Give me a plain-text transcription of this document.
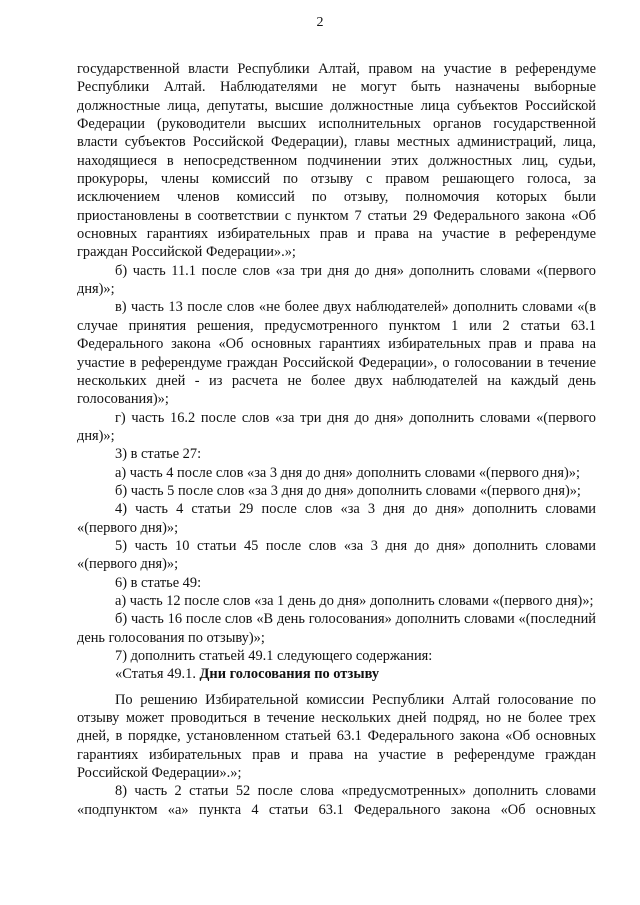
2

государственной власти Республики Алтай, правом на участие в референдуме Республики Алтай. Наблюдателями не могут быть назначены выборные должностные лица, депутаты, высшие должностные лица субъектов Российской Федерации (руководители высших исполнительных органов государственной власти субъектов Российской Федерации), главы местных администраций, лица, находящиеся в непосредственном подчинении этих должностных лиц, судьи, прокуроры, члены комиссий по отзыву с правом решающего голоса, за исключением членов комиссий по отзыву, полномочия которых были приостановлены в соответствии с пунктом 7 статьи 29 Федерального закона «Об основных гарантиях избирательных прав и права на участие в референдуме граждан Российской Федерации».»;

б) часть 11.1 после слов «за три дня до дня» дополнить словами «(первого дня)»;

в) часть 13 после слов «не более двух наблюдателей» дополнить словами «(в случае принятия решения, предусмотренного пунктом 1 или 2 статьи 63.1 Федерального закона «Об основных гарантиях избирательных прав и права на участие в референдуме граждан Российской Федерации», о голосовании в течение нескольких дней - из расчета не более двух наблюдателей на каждый день голосования)»;

г) часть 16.2 после слов «за три дня до дня» дополнить словами «(первого дня)»;

3) в статье 27:

а) часть 4 после слов «за 3 дня до дня» дополнить словами «(первого дня)»;

б) часть 5 после слов «за 3 дня до дня» дополнить словами «(первого дня)»;

4) часть 4 статьи 29 после слов «за 3 дня до дня» дополнить словами «(первого дня)»;

5) часть 10 статьи 45 после слов «за 3 дня до дня» дополнить словами «(первого дня)»;

6) в статье 49:

а) часть 12 после слов «за 1 день до дня» дополнить словами «(первого дня)»;

б) часть 16 после слов «В день голосования» дополнить словами «(последний день голосования по отзыву)»;

7) дополнить статьей 49.1 следующего содержания:

«Статья 49.1. Дни голосования по отзыву

По решению Избирательной комиссии Республики Алтай голосование по отзыву может проводиться в течение нескольких дней подряд, но не более трех дней, в порядке, установленном статьей 63.1 Федерального закона «Об основных гарантиях избирательных прав и права на участие в референдуме граждан Российской Федерации».»;

8) часть 2 статьи 52 после слова «предусмотренных» дополнить словами «подпунктом «а» пункта 4 статьи 63.1 Федерального закона «Об основных
